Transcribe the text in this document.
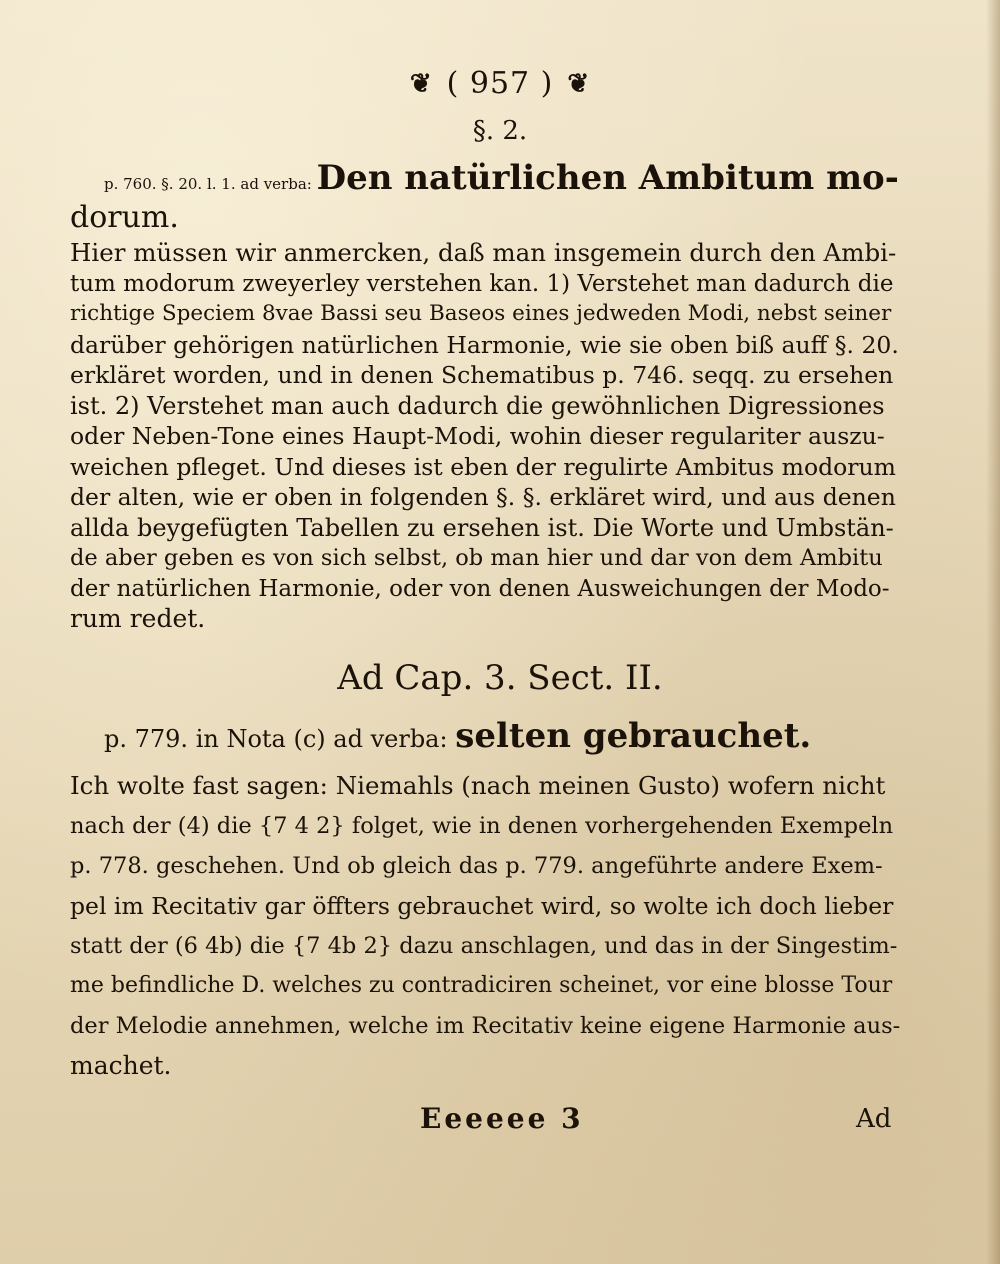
❦ ( 957 ) ❦
§. 2.
p. 760. §. 20. l. 1. ad verba: Den natürlichen Ambitum mo-
dorum.
Hier müssen wir anmercken, daß man insgemein durch den Ambi-
tum modorum zweyerley verstehen kan. 1) Verstehet man dadurch die
richtige Speciem 8vae Bassi seu Baseos eines jedweden Modi, nebst seiner
darüber gehörigen natürlichen Harmonie, wie sie oben biß auff §. 20.
erkläret worden, und in denen Schematibus p. 746. seqq. zu ersehen
ist. 2) Verstehet man auch dadurch die gewöhnlichen Digressiones
oder Neben-Tone eines Haupt-Modi, wohin dieser regulariter auszu-
weichen pfleget. Und dieses ist eben der regulirte Ambitus modorum
der alten, wie er oben in folgenden §. §. erkläret wird, und aus denen
allda beygefügten Tabellen zu ersehen ist. Die Worte und Umbstän-
de aber geben es von sich selbst, ob man hier und dar von dem Ambitu
der natürlichen Harmonie, oder von denen Ausweichungen der Modo-
rum redet.
Ad Cap. 3. Sect. II.
p. 779. in Nota (c) ad verba: selten gebrauchet.
Ich wolte fast sagen: Niemahls (nach meinen Gusto) wofern nicht
nach der (4) die {7 4 2} folget, wie in denen vorhergehenden Exempeln
p. 778. geschehen. Und ob gleich das p. 779. angeführte andere Exem-
pel im Recitativ gar öffters gebrauchet wird, so wolte ich doch lieber
statt der (6 4b) die {7 4b 2} dazu anschlagen, und das in der Singestim-
me befindliche D. welches zu contradiciren scheinet, vor eine blosse Tour
der Melodie annehmen, welche im Recitativ keine eigene Harmonie aus-
machet.
Eeeeee 3	Ad
